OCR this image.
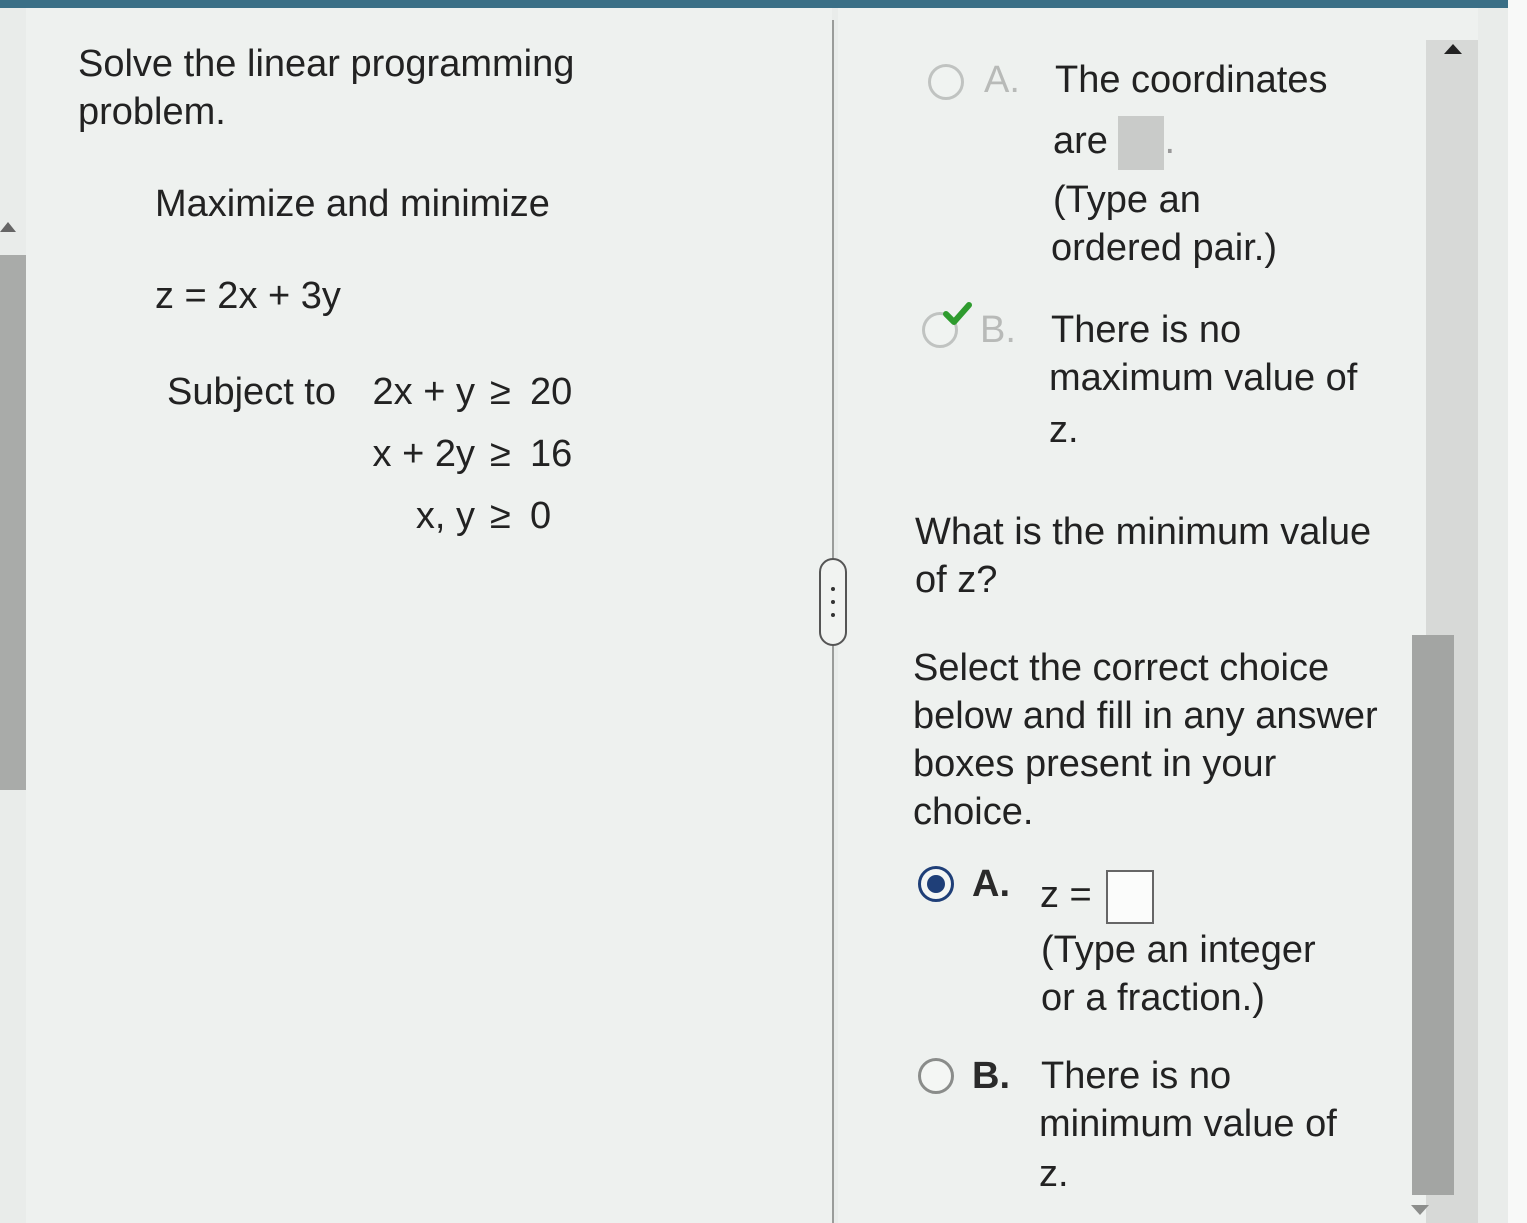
Solve the linear programming problem.
Maximize and minimize
z = 2x + 3y
Subject to 2x + y ≥ 20
x + 2y ≥ 16
x, y ≥ 0
A. The coordinates
are .
(Type an
ordered pair.)
B. There is no
maximum value of
z.
What is the minimum value of z?
Select the correct choice below and fill in any answer boxes present in your choice.
A. z =
(Type an integer
or a fraction.)
B. There is no
minimum value of
z.
